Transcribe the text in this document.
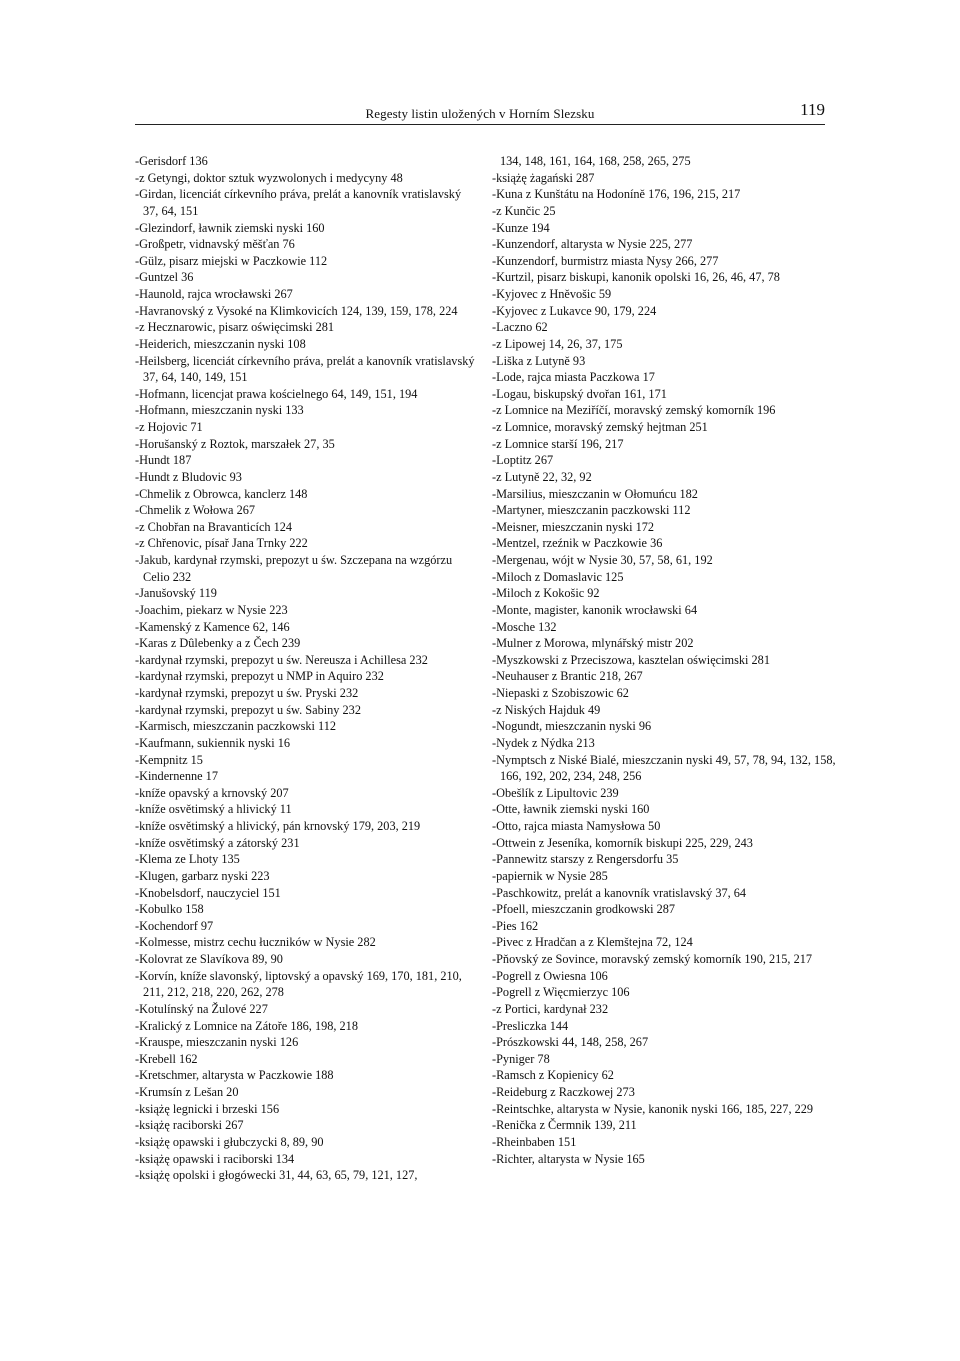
Regesty listin uložených v Horním Slezsku	119
-Gerisdorf 136
-z Getyngi, doktor sztuk wyzwolonych i medycyny 48
-Girdan, licenciát církevního práva, prelát a kanovník vratislavský 37, 64, 151
-Glezindorf, ławnik ziemski nyski 160
-Großpetr, vidnavský měšťan 76
-Gülz, pisarz miejski w Paczkowie 112
-Guntzel 36
-Haunold, rajca wrocławski 267
-Havranovský z Vysoké na Klimkovicích 124, 139, 159, 178, 224
-z Hecznarowic, pisarz oświęcimski 281
-Heiderich, mieszczanin nyski 108
-Heilsberg, licenciát církevního práva, prelát a kanovník vratislavský 37, 64, 140, 149, 151
-Hofmann, licencjat prawa kościelnego 64, 149, 151, 194
-Hofmann, mieszczanin nyski 133
-z Hojovic 71
-Horušanský z Roztok, marszałek 27, 35
-Hundt 187
-Hundt z Bludovic 93
-Chmelik z Obrowca, kanclerz 148
-Chmelik z Wołowa 267
-z Chobřan na Bravanticích 124
-z Chřenovic, písař Jana Trnky 222
-Jakub, kardynał rzymski, prepozyt u św. Szczepana na wzgórzu Celio 232
-Janušovský 119
-Joachim, piekarz w Nysie 223
-Kamenský z Kamence 62, 146
-Karas z Dûlebenky a z Čech 239
-kardynał rzymski, prepozyt u św. Nereusza i Achillesa 232
-kardynał rzymski, prepozyt u NMP in Aquiro 232
-kardynał rzymski, prepozyt u św. Pryski 232
-kardynał rzymski, prepozyt u św. Sabiny 232
-Karmisch, mieszczanin paczkowski 112
-Kaufmann, sukiennik nyski 16
-Kempnitz 15
-Kindernenne 17
-kníže opavský a krnovský 207
-kníže osvětimský a hlivický 11
-kníže osvětimský a hlivický, pán krnovský 179, 203, 219
-kníže osvětimský a zátorský 231
-Klema ze Lhoty 135
-Klugen, garbarz nyski 223
-Knobelsdorf, nauczyciel 151
-Kobulko 158
-Kochendorf 97
-Kolmesse, mistrz cechu łuczników w Nysie 282
-Kolovrat ze Slavíkova 89, 90
-Korvín, kníže slavonský, liptovský a opavský 169, 170, 181, 210, 211, 212, 218, 220, 262, 278
-Kotulínský na Žulové 227
-Kralický z Lomnice na Zátoře 186, 198, 218
-Krauspe, mieszczanin nyski 126
-Krebell 162
-Kretschmer, altarysta w Paczkowie 188
-Krumsín z Lešan 20
-książę legnicki i brzeski 156
-książę raciborski 267
-książę opawski i głubczycki 8, 89, 90
-książę opawski i raciborski 134
-książę opolski i głogówecki 31, 44, 63, 65, 79, 121, 127,
134, 148, 161, 164, 168, 258, 265, 275
-książę żagański 287
-Kuna z Kunštátu na Hodoníně 176, 196, 215, 217
-z Kunčic 25
-Kunze 194
-Kunzendorf, altarysta w Nysie 225, 277
-Kunzendorf, burmistrz miasta Nysy 266, 277
-Kurtzil, pisarz biskupi, kanonik opolski 16, 26, 46, 47, 78
-Kyjovec z Hněvošic 59
-Kyjovec z Lukavce 90, 179, 224
-Laczno 62
-z Lipowej 14, 26, 37, 175
-Liška z Lutyně 93
-Lode, rajca miasta Paczkowa 17
-Logau, biskupský dvořan 161, 171
-z Lomnice na Meziříčí, moravský zemský komorník 196
-z Lomnice, moravský zemský hejtman 251
-z Lomnice starší 196, 217
-Loptitz 267
-z Lutyně 22, 32, 92
-Marsilius, mieszczanin w Ołomuńcu 182
-Martyner, mieszczanin paczkowski 112
-Meisner, mieszczanin nyski 172
-Mentzel, rzeźnik w Paczkowie 36
-Mergenau, wójt w Nysie 30, 57, 58, 61, 192
-Miloch z Domaslavic 125
-Miloch z Kokošic 92
-Monte, magister, kanonik wrocławski 64
-Mosche 132
-Mulner z Morowa, mlynářský mistr 202
-Myszkowski z Przeciszowa, kasztelan oświęcimski 281
-Neuhauser z Brantic 218, 267
-Niepaski z Szobiszowic 62
-z Niských Hajduk 49
-Nogundt, mieszczanin nyski 96
-Nydek z Nýdka 213
-Nymptsch z Niské Bialé, mieszczanin nyski 49, 57, 78, 94, 132, 158, 166, 192, 202, 234, 248, 256
-Obešlík z Lipultovic 239
-Otte, ławnik ziemski nyski 160
-Otto, rajca miasta Namysłowa 50
-Ottwein z Jeseníka, komorník biskupi 225, 229, 243
-Pannewitz starszy z Rengersdorfu 35
-papiernik w Nysie 285
-Paschkowitz, prelát a kanovník vratislavský 37, 64
-Pfoell, mieszczanin grodkowski 287
-Pies 162
-Pivec z Hradčan a z Klemštejna 72, 124
-Pňovský ze Sovince, moravský zemský komorník 190, 215, 217
-Pogrell z Owiesna 106
-Pogrell z Więcmierzyc 106
-z Portici, kardynał 232
-Presliczka 144
-Prószkowski 44, 148, 258, 267
-Pyniger 78
-Ramsch z Kopienicy 62
-Reideburg z Raczkowej 273
-Reintschke, altarysta w Nysie, kanonik nyski 166, 185, 227, 229
-Renička z Čermnik 139, 211
-Rheinbaben 151
-Richter, altarysta w Nysie 165
